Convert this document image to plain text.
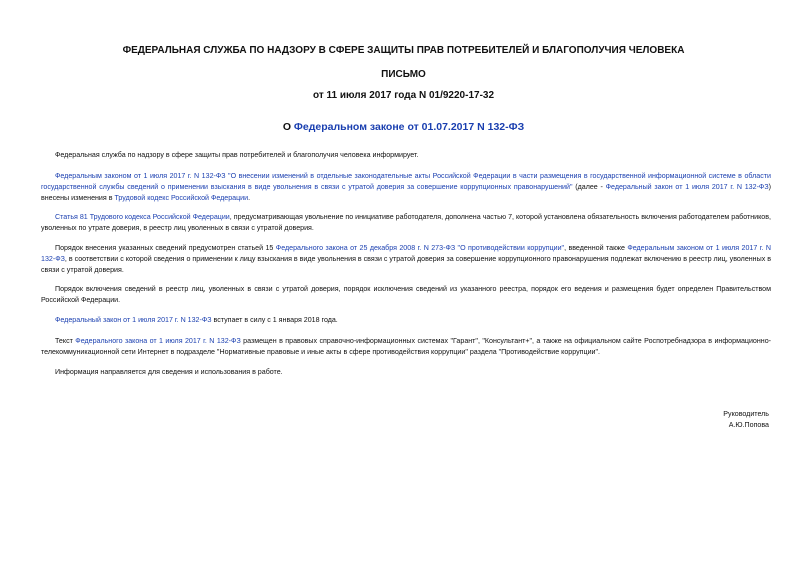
ФЕДЕРАЛЬНАЯ СЛУЖБА ПО НАДЗОРУ В СФЕРЕ ЗАЩИТЫ ПРАВ ПОТРЕБИТЕЛЕЙ И БЛАГОПОЛУЧИЯ ЧЕЛОВЕКА
ПИСЬМО
от 11 июля 2017 года N 01/9220-17-32
О Федеральном законе от 01.07.2017 N 132-ФЗ
Федеральная служба по надзору в сфере защиты прав потребителей и благополучия человека информирует.
Федеральным законом от 1 июля 2017 г. N 132-ФЗ "О внесении изменений в отдельные законодательные акты Российской Федерации в части размещения в государственной информационной системе в области государственной службы сведений о применении взыскания в виде увольнения в связи с утратой доверия за совершение коррупционных правонарушений" (далее - Федеральный закон от 1 июля 2017 г. N 132-ФЗ) внесены изменения в Трудовой кодекс Российской Федерации.
Статья 81 Трудового кодекса Российской Федерации, предусматривающая увольнение по инициативе работодателя, дополнена частью 7, которой установлена обязательность включения работодателем работников, уволенных по утрате доверия, в реестр лиц уволенных в связи с утратой доверия.
Порядок внесения указанных сведений предусмотрен статьей 15 Федерального закона от 25 декабря 2008 г. N 273-ФЗ "О противодействии коррупции", введенной также Федеральным законом от 1 июля 2017 г. N 132-ФЗ, в соответствии с которой сведения о применении к лицу взыскания в виде увольнения в связи с утратой доверия за совершение коррупционного правонарушения подлежат включению в реестр лиц, уволенных в связи с утратой доверия.
Порядок включения сведений в реестр лиц, уволенных в связи с утратой доверия, порядок исключения сведений из указанного реестра, порядок его ведения и размещения будет определен Правительством Российской Федерации.
Федеральный закон от 1 июля 2017 г. N 132-ФЗ вступает в силу с 1 января 2018 года.
Текст Федерального закона от 1 июля 2017 г. N 132-ФЗ размещен в правовых справочно-информационных системах "Гарант", "Консультант+", а также на официальном сайте Роспотребнадзора в информационно-телекоммуникационной сети Интернет в подразделе "Нормативные правовые и иные акты в сфере противодействия коррупции" раздела "Противодействие коррупции".
Информация направляется для сведения и использования в работе.
Руководитель
А.Ю.Попова
